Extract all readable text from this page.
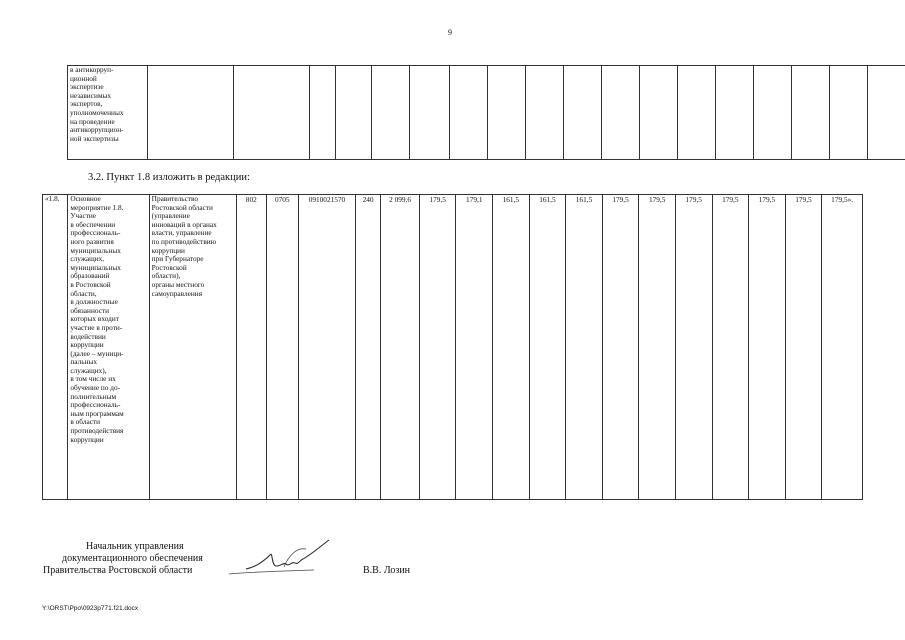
9
в антикорруп-
ционной
экспертизе
независимых
экспертов,
уполномоченных
на проведение
антикоррупцион-
ной экспертизы																		
3.2. Пункт 1.8 изложить в редакции:
«1.8.	Основное
мероприятие 1.8.
Участие
в обеспечении
профессиональ-
ного развития
муниципальных
служащих,
муниципальных
образований
в Ростовской
области,
в должностные
обязанности
которых входит
участие в проти-
водействии
коррупции
(далее – муници-
пальных
служащих),
в том числе их
обучение по до-
полнительным
профессиональ-
ным программам
в области
противодействия
коррупции	Правительство
Ростовской области
(управление
инноваций в органах
власти, управление
по противодействию
коррупции
при Губернаторе
Ростовской
области),
органы местного
самоуправления	802	0705	0910021570	240	2 099,6	179,5	179,1	161,5	161,5	161,5	179,5	179,5	179,5	179,5	179,5	179,5	179,5».
Начальник управления
документационного обеспечения
Правительства Ростовской области	В.В. Лозин
Y:\ORST\Ppo\0923p771.f21.docx
